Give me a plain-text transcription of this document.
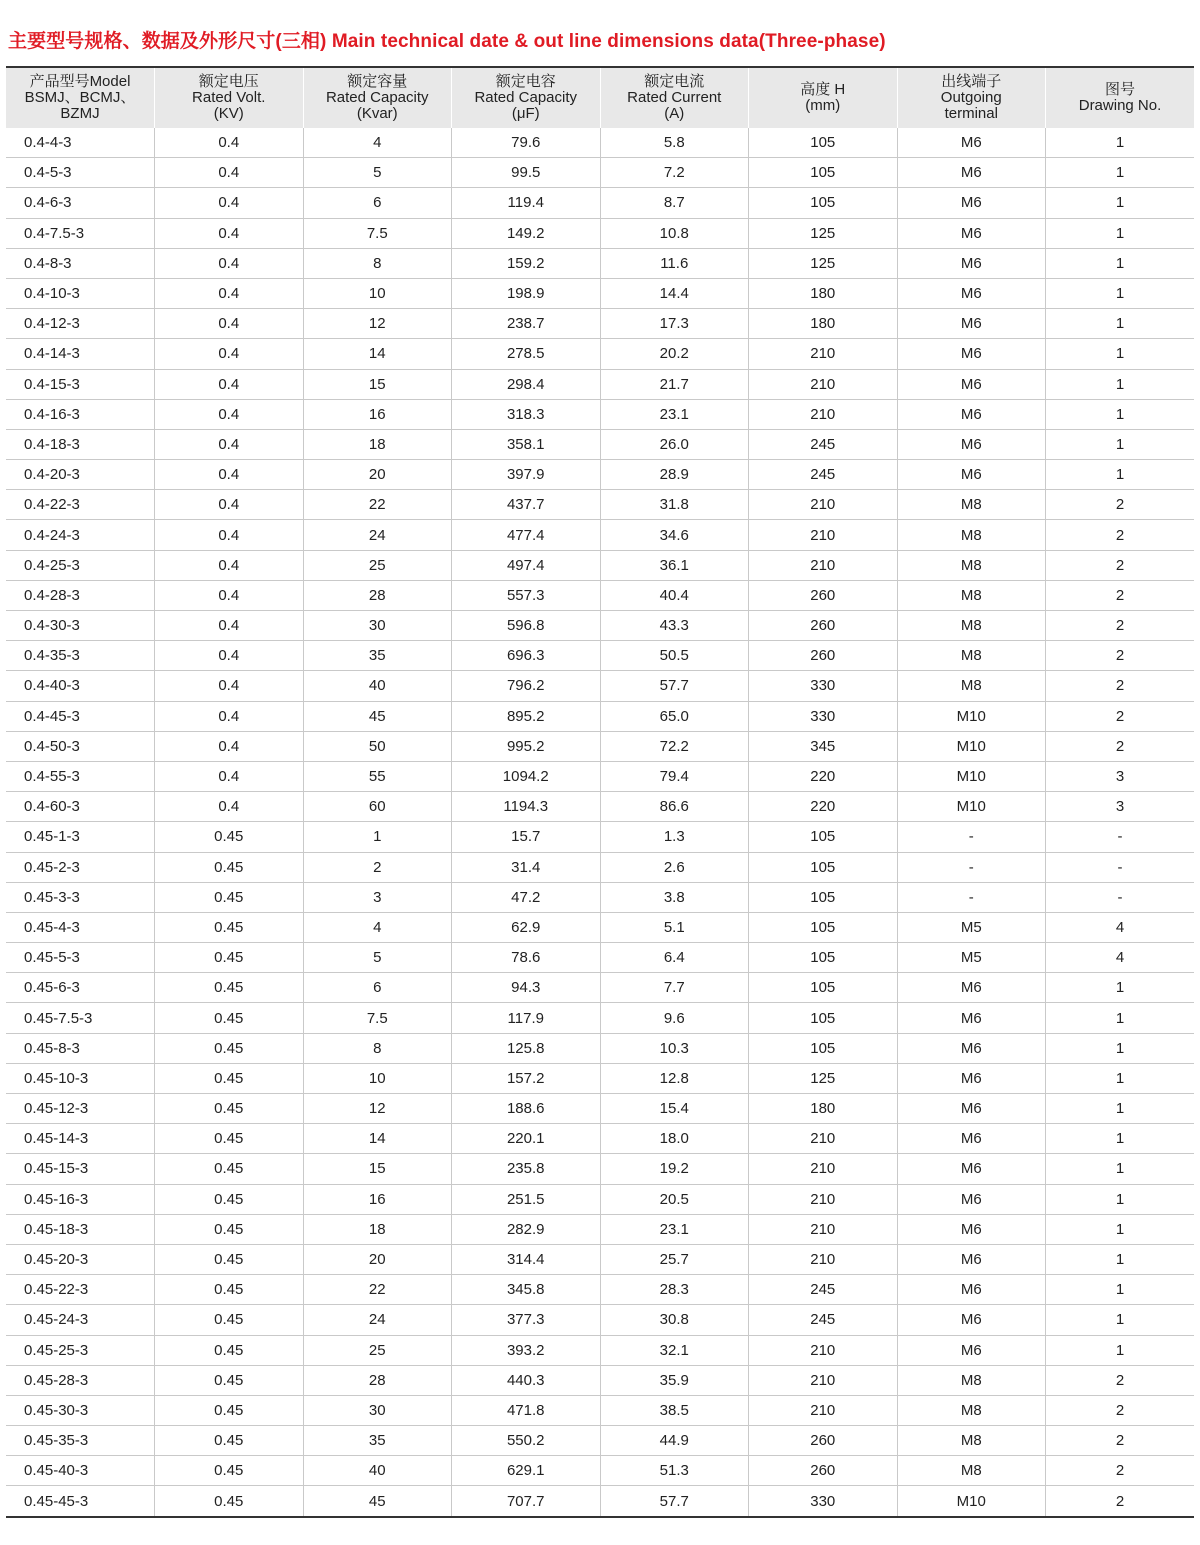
主要型号规格、数据及外形尺寸(三相) Main technical date & out line dimensions data(Three-phase)
产品型号Model
BSMJ、BCMJ、
BZMJ	额定电压
Rated Volt.
(KV)	额定容量
Rated Capacity
(Kvar)	额定电容
Rated Capacity
(μF)	额定电流
Rated Current
(A)	高度 H
(mm)	出线端子
Outgoing
terminal	图号
Drawing No.

0.4-4-3	0.4	4	79.6	5.8	105	M6	1
0.4-5-3	0.4	5	99.5	7.2	105	M6	1
0.4-6-3	0.4	6	119.4	8.7	105	M6	1
0.4-7.5-3	0.4	7.5	149.2	10.8	125	M6	1
0.4-8-3	0.4	8	159.2	11.6	125	M6	1
0.4-10-3	0.4	10	198.9	14.4	180	M6	1
0.4-12-3	0.4	12	238.7	17.3	180	M6	1
0.4-14-3	0.4	14	278.5	20.2	210	M6	1
0.4-15-3	0.4	15	298.4	21.7	210	M6	1
0.4-16-3	0.4	16	318.3	23.1	210	M6	1
0.4-18-3	0.4	18	358.1	26.0	245	M6	1
0.4-20-3	0.4	20	397.9	28.9	245	M6	1
0.4-22-3	0.4	22	437.7	31.8	210	M8	2
0.4-24-3	0.4	24	477.4	34.6	210	M8	2
0.4-25-3	0.4	25	497.4	36.1	210	M8	2
0.4-28-3	0.4	28	557.3	40.4	260	M8	2
0.4-30-3	0.4	30	596.8	43.3	260	M8	2
0.4-35-3	0.4	35	696.3	50.5	260	M8	2
0.4-40-3	0.4	40	796.2	57.7	330	M8	2
0.4-45-3	0.4	45	895.2	65.0	330	M10	2
0.4-50-3	0.4	50	995.2	72.2	345	M10	2
0.4-55-3	0.4	55	1094.2	79.4	220	M10	3
0.4-60-3	0.4	60	1194.3	86.6	220	M10	3
0.45-1-3	0.45	1	15.7	1.3	105	-	-
0.45-2-3	0.45	2	31.4	2.6	105	-	-
0.45-3-3	0.45	3	47.2	3.8	105	-	-
0.45-4-3	0.45	4	62.9	5.1	105	M5	4
0.45-5-3	0.45	5	78.6	6.4	105	M5	4
0.45-6-3	0.45	6	94.3	7.7	105	M6	1
0.45-7.5-3	0.45	7.5	117.9	9.6	105	M6	1
0.45-8-3	0.45	8	125.8	10.3	105	M6	1
0.45-10-3	0.45	10	157.2	12.8	125	M6	1
0.45-12-3	0.45	12	188.6	15.4	180	M6	1
0.45-14-3	0.45	14	220.1	18.0	210	M6	1
0.45-15-3	0.45	15	235.8	19.2	210	M6	1
0.45-16-3	0.45	16	251.5	20.5	210	M6	1
0.45-18-3	0.45	18	282.9	23.1	210	M6	1
0.45-20-3	0.45	20	314.4	25.7	210	M6	1
0.45-22-3	0.45	22	345.8	28.3	245	M6	1
0.45-24-3	0.45	24	377.3	30.8	245	M6	1
0.45-25-3	0.45	25	393.2	32.1	210	M6	1
0.45-28-3	0.45	28	440.3	35.9	210	M8	2
0.45-30-3	0.45	30	471.8	38.5	210	M8	2
0.45-35-3	0.45	35	550.2	44.9	260	M8	2
0.45-40-3	0.45	40	629.1	51.3	260	M8	2
0.45-45-3	0.45	45	707.7	57.7	330	M10	2
